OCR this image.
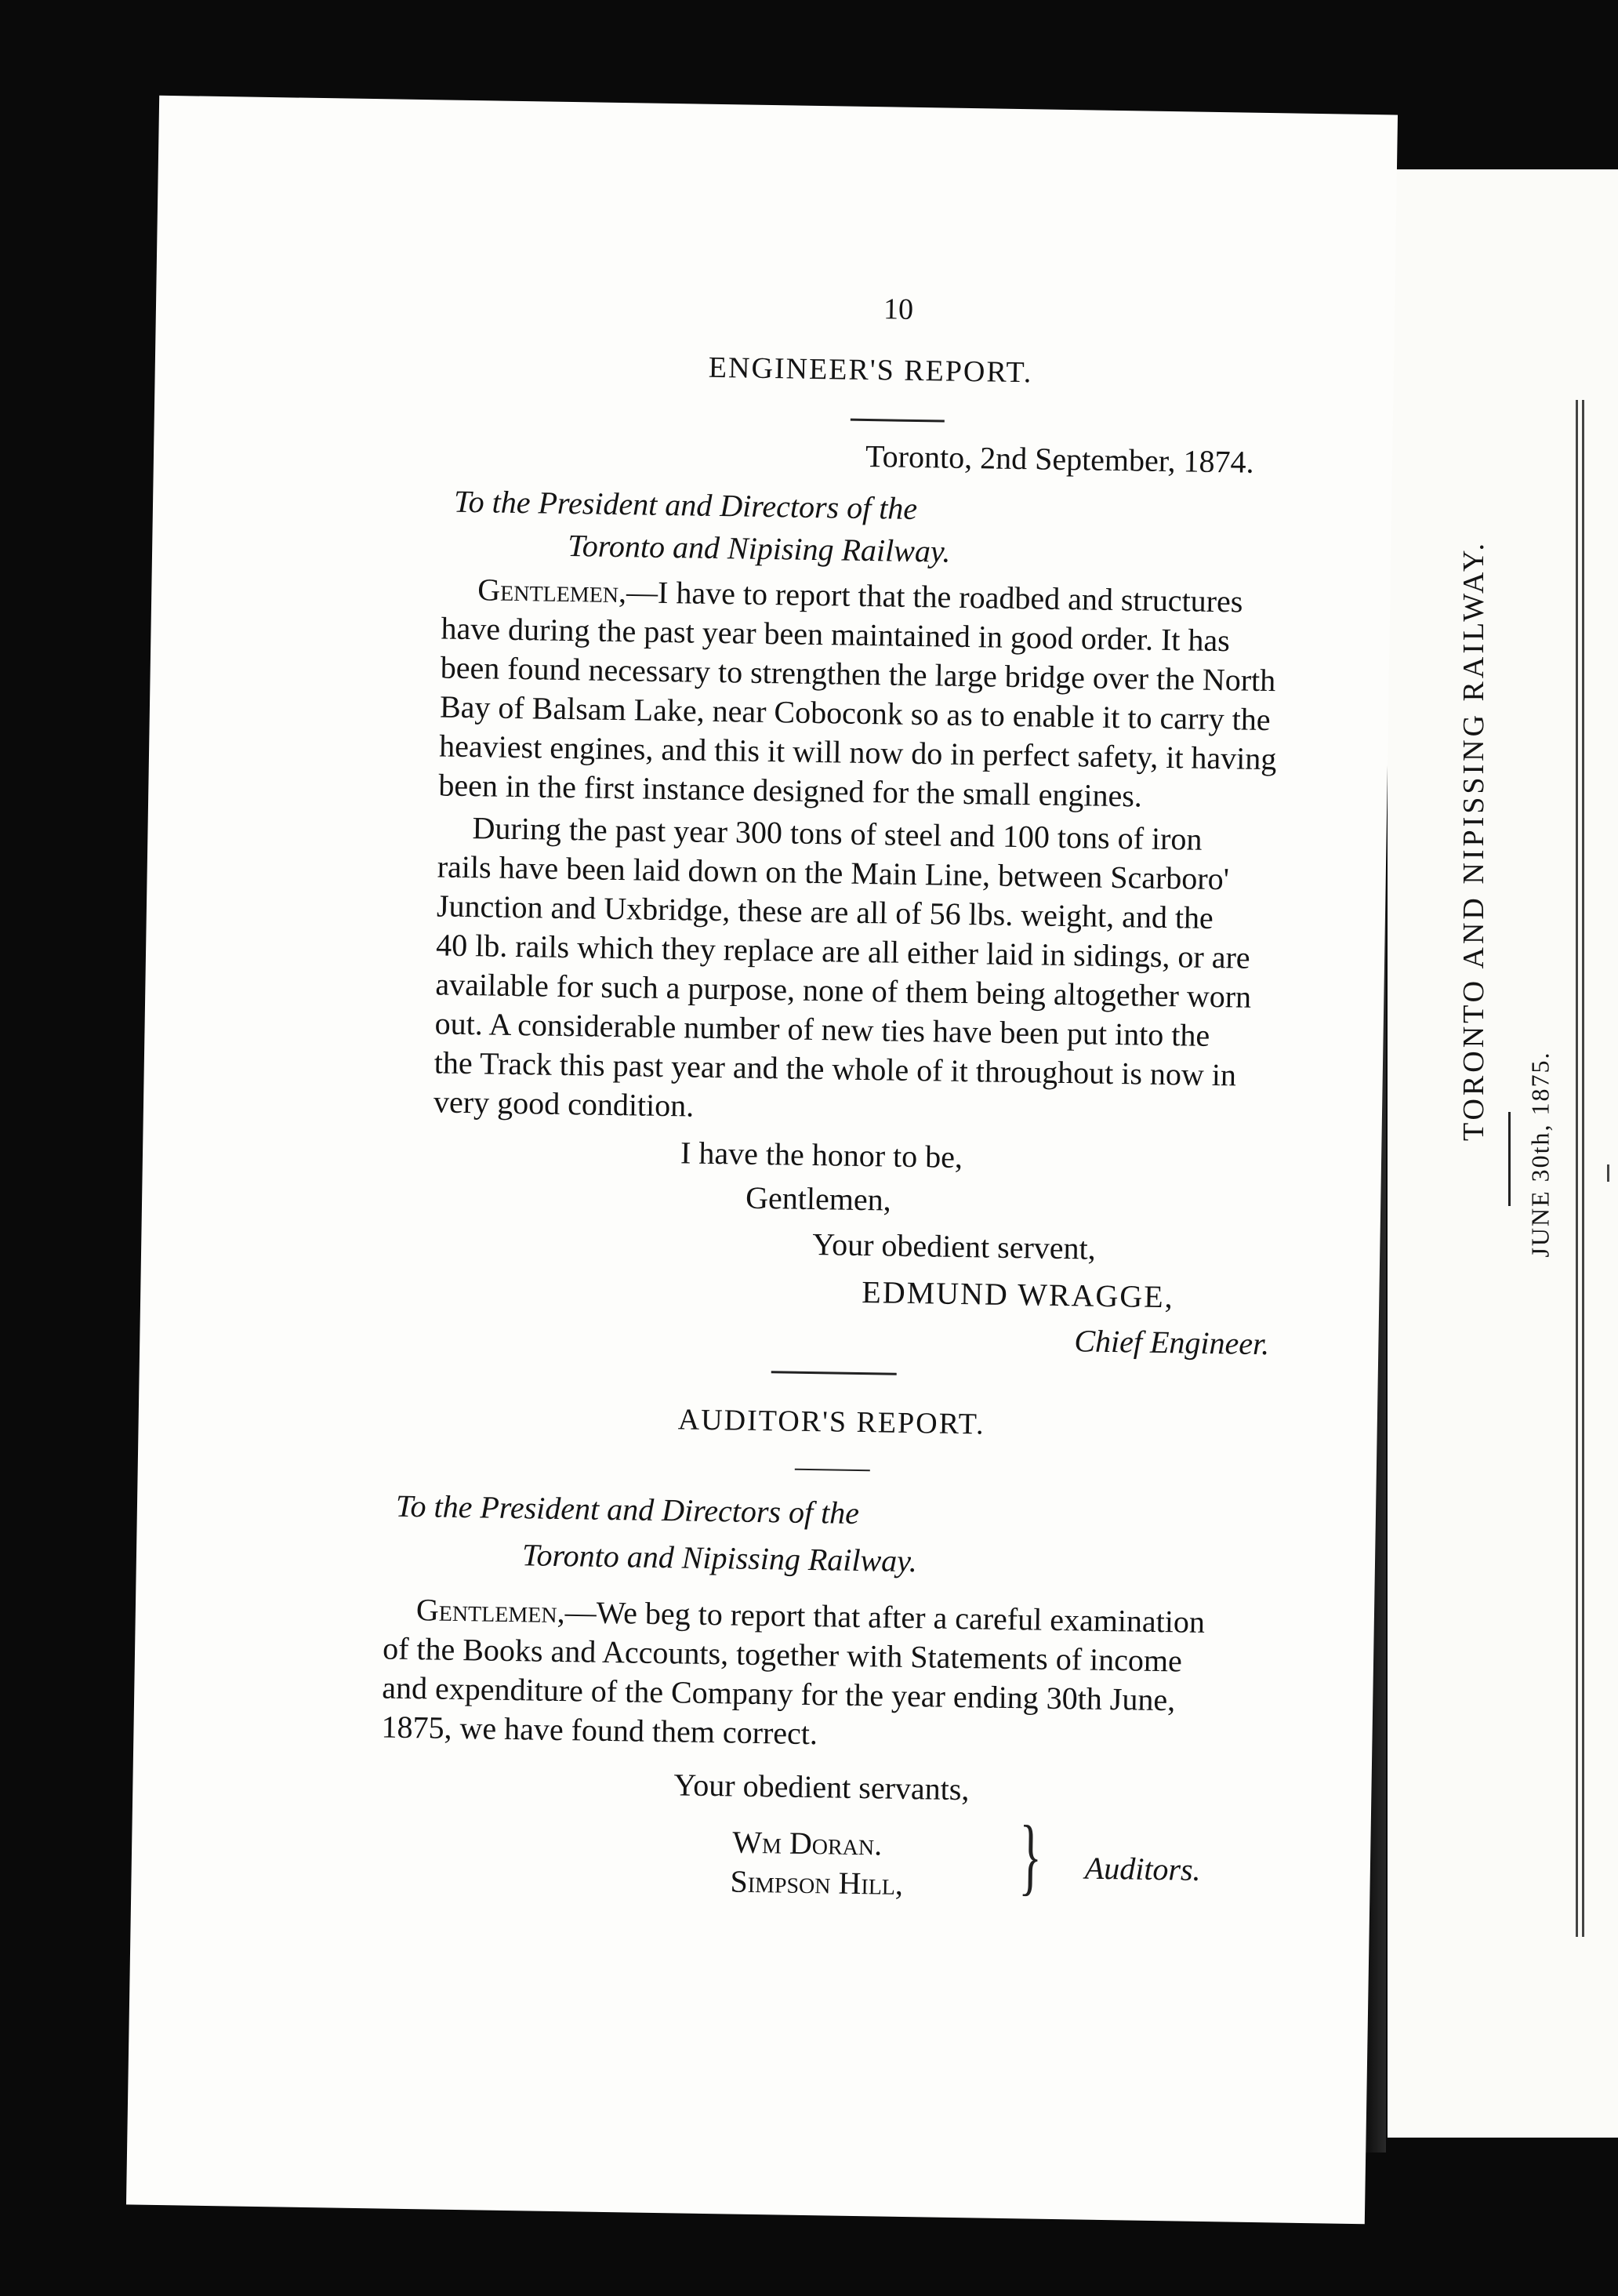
TORONTO AND NIPISSING RAILWAY.
JUNE 30th, 1875.
10
ENGINEER'S REPORT.
Toronto, 2nd September, 1874.
To the President and Directors of the
Toronto and Nipising Railway.
Gentlemen,—I have to report that the roadbed and structures
have during the past year been maintained in good order. It has
been found necessary to strengthen the large bridge over the North
Bay of Balsam Lake, near Coboconk so as to enable it to carry the
heaviest engines, and this it will now do in perfect safety, it having
been in the first instance designed for the small engines.
During the past year 300 tons of steel and 100 tons of iron
rails have been laid down on the Main Line, between Scarboro'
Junction and Uxbridge, these are all of 56 lbs. weight, and the
40 lb. rails which they replace are all either laid in sidings, or are
available for such a purpose, none of them being altogether worn
out. A considerable number of new ties have been put into the
the Track this past year and the whole of it throughout is now in
very good condition.
I have the honor to be,
Gentlemen,
Your obedient servent,
EDMUND WRAGGE,
Chief Engineer.
AUDITOR'S REPORT.
To the President and Directors of the
Toronto and Nipissing Railway.
Gentlemen,—We beg to report that after a careful examination
of the Books and Accounts, together with Statements of income
and expenditure of the Company for the year ending 30th June,
1875, we have found them correct.
Your obedient servants,
Wm Doran.
Simpson Hill, } Auditors.
